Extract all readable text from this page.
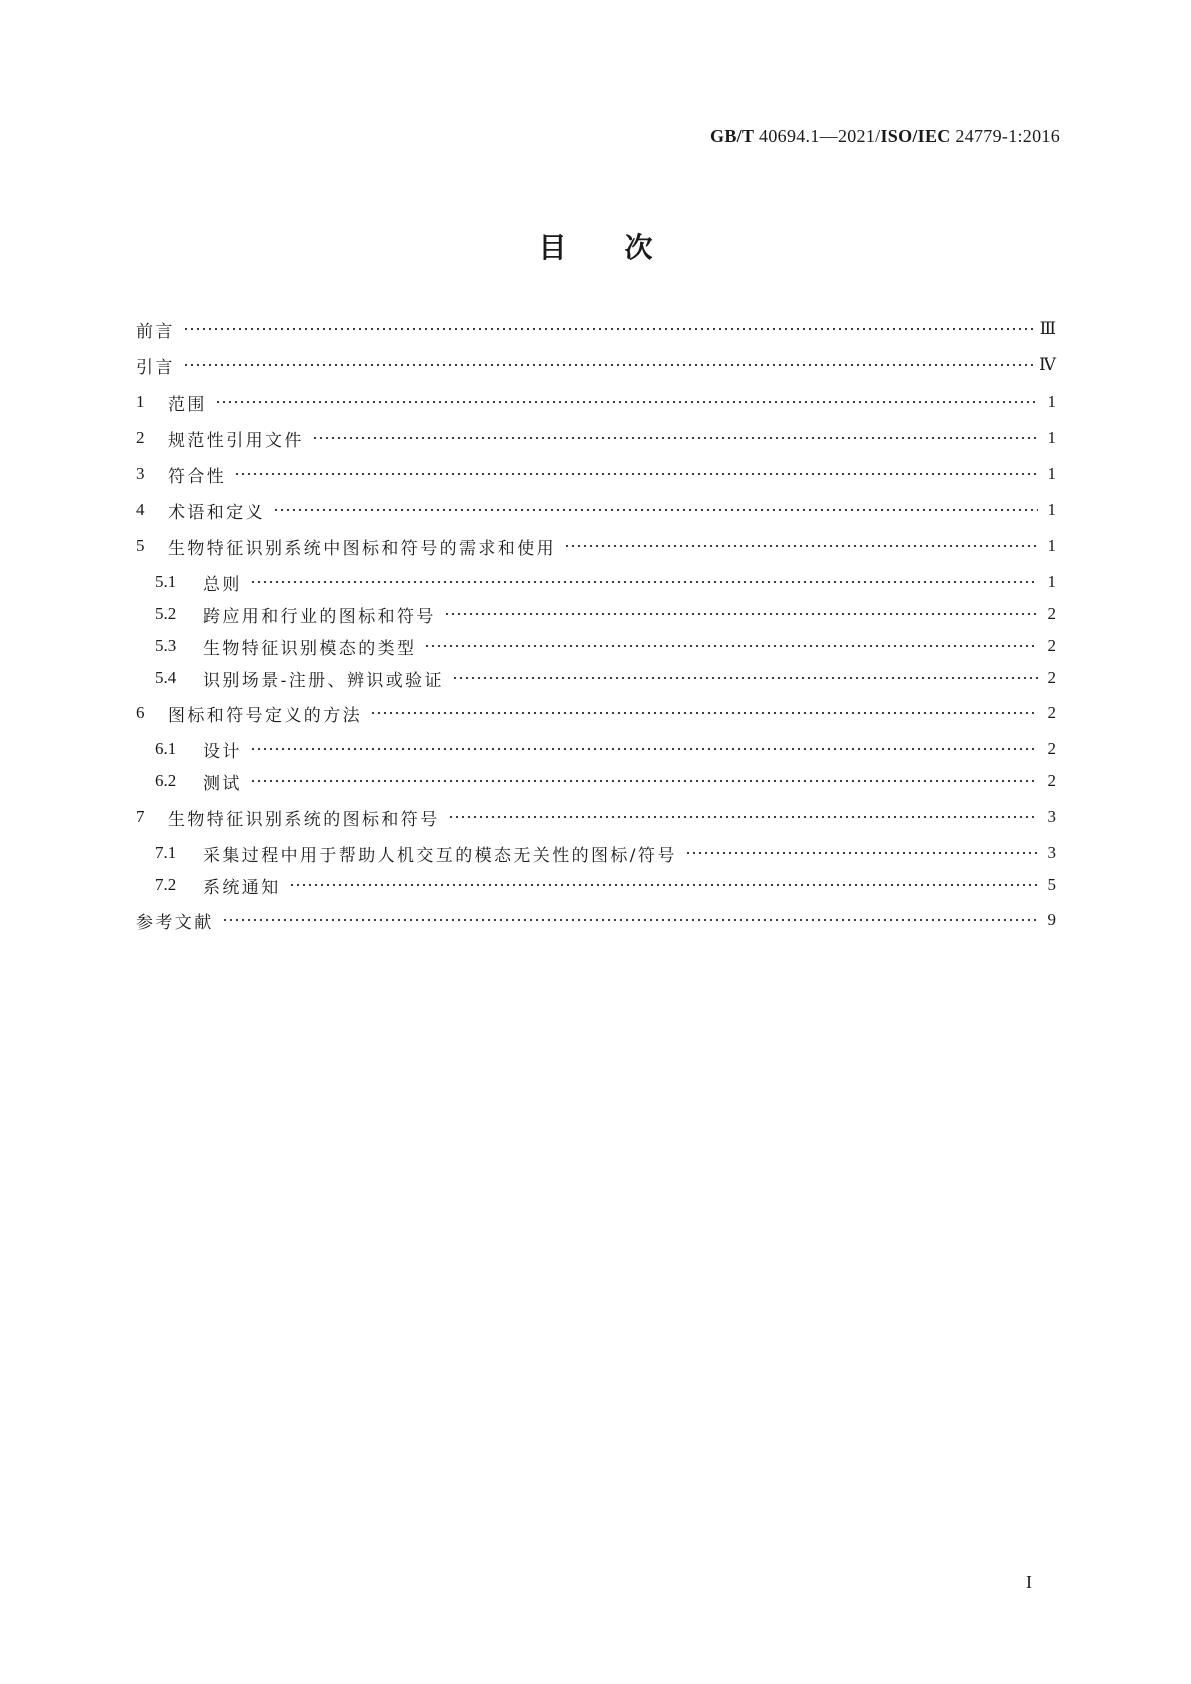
GB/T 40694.1—2021/ISO/IEC 24779-1:2016
目次
前言	Ⅲ
引言	Ⅳ
1	范围	1
2	规范性引用文件	1
3	符合性	1
4	术语和定义	1
5	生物特征识别系统中图标和符号的需求和使用	1
5.1	总则	1
5.2	跨应用和行业的图标和符号	2
5.3	生物特征识别模态的类型	2
5.4	识别场景-注册、辨识或验证	2
6	图标和符号定义的方法	2
6.1	设计	2
6.2	测试	2
7	生物特征识别系统的图标和符号	3
7.1	采集过程中用于帮助人机交互的模态无关性的图标/符号	3
7.2	系统通知	5
参考文献	9
I
